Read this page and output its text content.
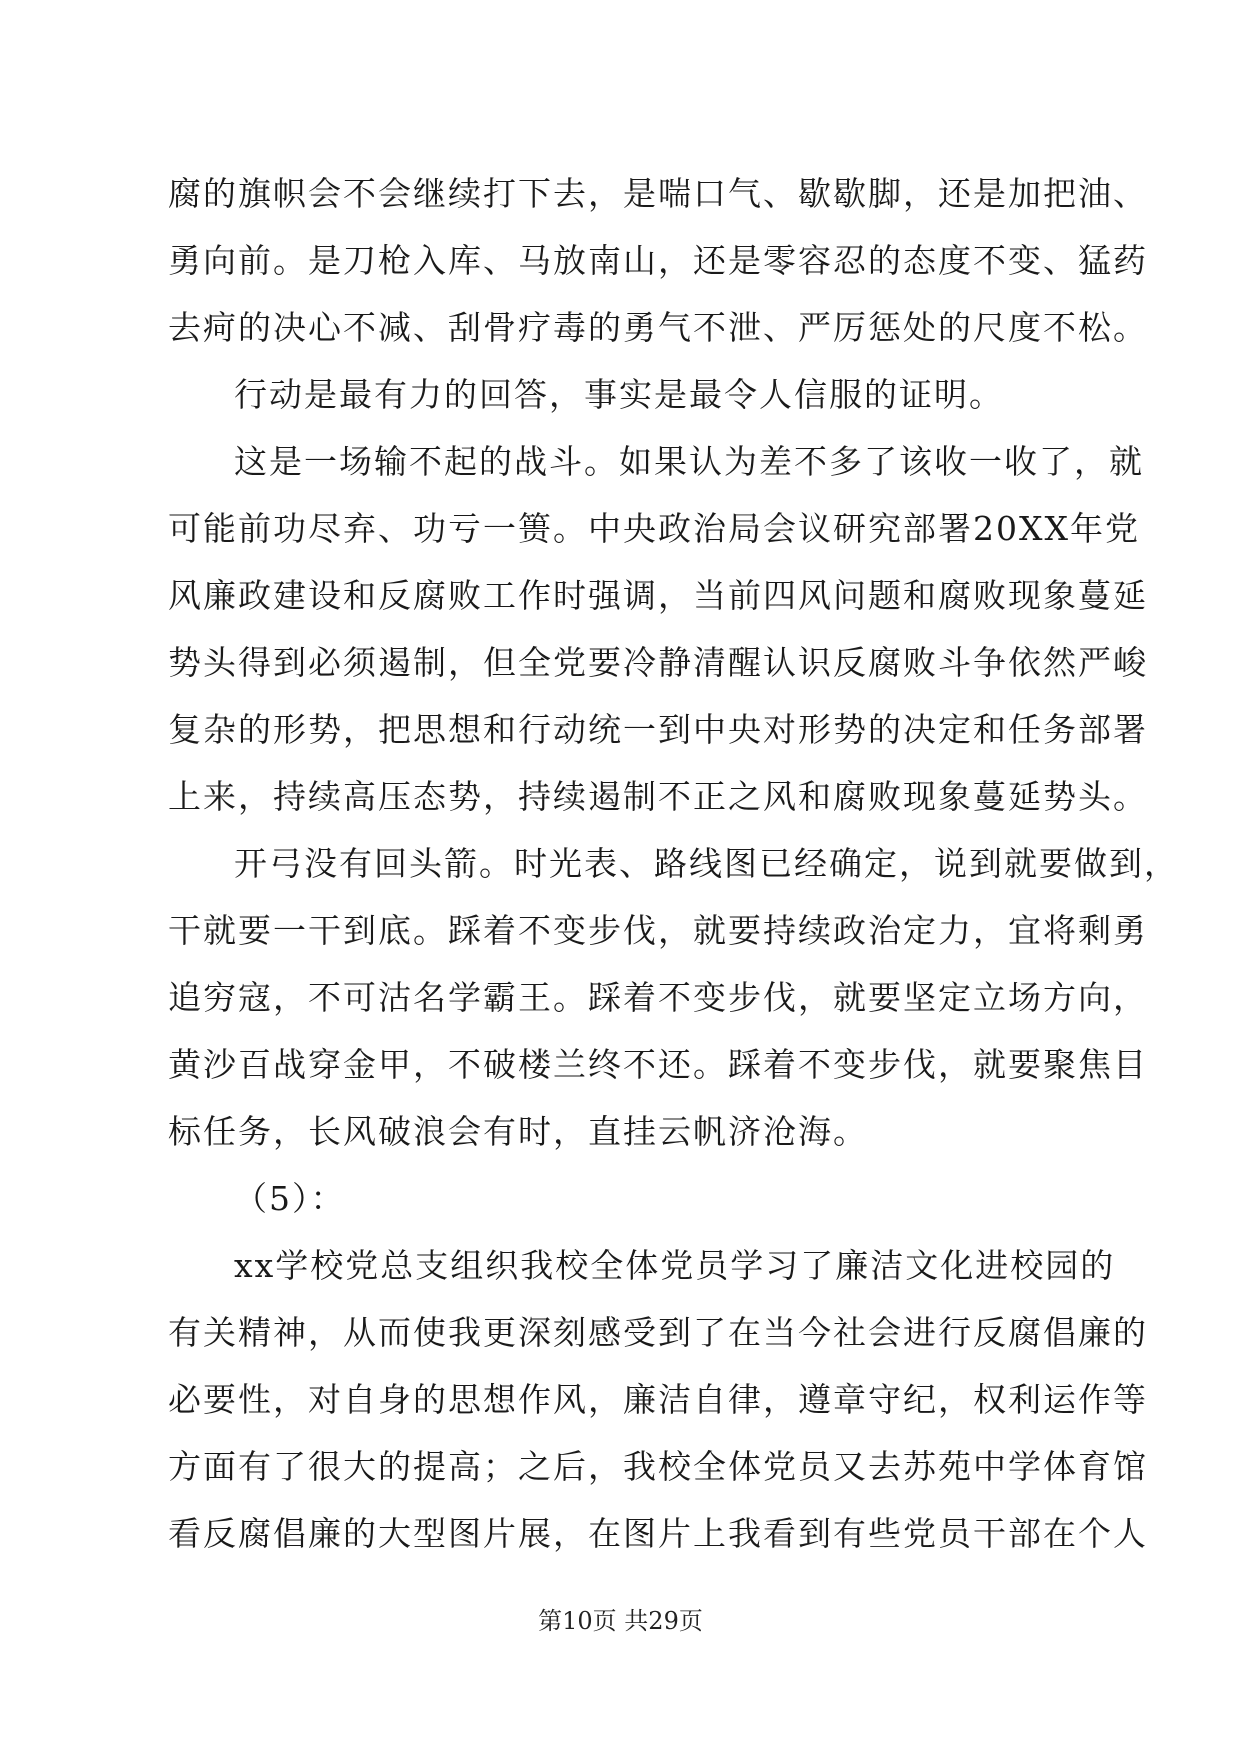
腐的旗帜会不会继续打下去，是喘口气、歇歇脚，还是加把油、
勇向前。是刀枪入库、马放南山，还是零容忍的态度不变、猛药
去疴的决心不减、刮骨疗毒的勇气不泄、严厉惩处的尺度不松。
行动是最有力的回答，事实是最令人信服的证明。
这是一场输不起的战斗。如果认为差不多了该收一收了，就
可能前功尽弃、功亏一篑。中央政治局会议研究部署20XX年党
风廉政建设和反腐败工作时强调，当前四风问题和腐败现象蔓延
势头得到必须遏制，但全党要冷静清醒认识反腐败斗争依然严峻
复杂的形势，把思想和行动统一到中央对形势的决定和任务部署
上来，持续高压态势，持续遏制不正之风和腐败现象蔓延势头。
开弓没有回头箭。时光表、路线图已经确定，说到就要做到，
干就要一干到底。踩着不变步伐，就要持续政治定力，宜将剩勇
追穷寇，不可沽名学霸王。踩着不变步伐，就要坚定立场方向，
黄沙百战穿金甲，不破楼兰终不还。踩着不变步伐，就要聚焦目
标任务，长风破浪会有时，直挂云帆济沧海。
（5）：
xx学校党总支组织我校全体党员学习了廉洁文化进校园的
有关精神，从而使我更深刻感受到了在当今社会进行反腐倡廉的
必要性，对自身的思想作风，廉洁自律，遵章守纪，权利运作等
方面有了很大的提高；之后，我校全体党员又去苏苑中学体育馆
看反腐倡廉的大型图片展，在图片上我看到有些党员干部在个人
第10页 共29页
